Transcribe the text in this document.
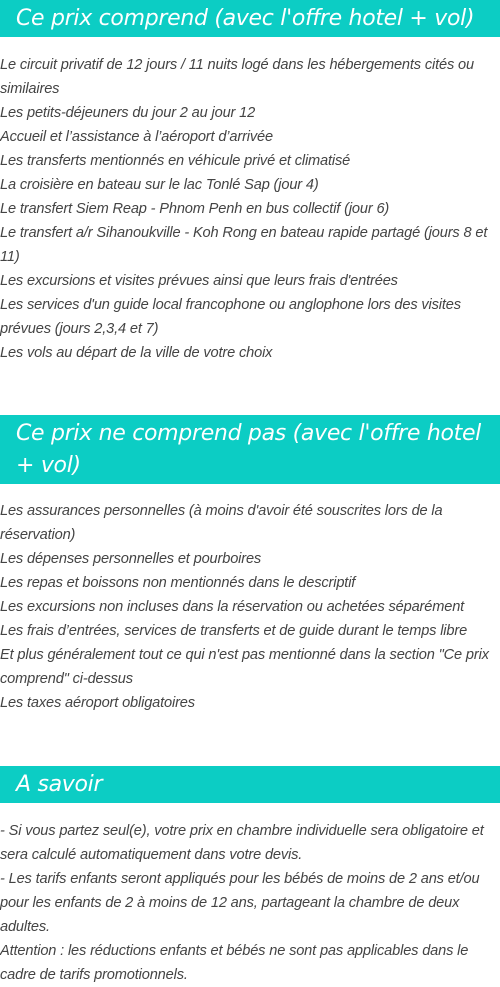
Ce prix comprend (avec l'offre hotel + vol)
Le circuit privatif de 12 jours / 11 nuits logé dans les hébergements cités ou similaires
Les petits-déjeuners du jour 2 au jour 12
Accueil et l’assistance à l’aéroport d’arrivée
Les transferts mentionnés en véhicule privé et climatisé
La croisière en bateau sur le lac Tonlé Sap (jour 4)
Le transfert Siem Reap - Phnom Penh en bus collectif (jour 6)
Le transfert a/r Sihanoukville - Koh Rong en bateau rapide partagé (jours 8 et 11)
Les excursions et visites prévues ainsi que leurs frais d'entrées
Les services d'un guide local francophone ou anglophone lors des visites prévues (jours 2,3,4 et 7)
Les vols au départ de la ville de votre choix
Ce prix ne comprend pas (avec l'offre hotel + vol)
Les assurances personnelles (à moins d'avoir été souscrites lors de la réservation)
Les dépenses personnelles et pourboires
Les repas et boissons non mentionnés dans le descriptif
Les excursions non incluses dans la réservation ou achetées séparément
Les frais d’entrées, services de transferts et de guide durant le temps libre
Et plus généralement tout ce qui n'est pas mentionné dans la section "Ce prix comprend" ci-dessus
Les taxes aéroport obligatoires
A savoir
- Si vous partez seul(e), votre prix en chambre individuelle sera obligatoire et sera calculé automatiquement dans votre devis.
- Les tarifs enfants seront appliqués pour les bébés de moins de 2 ans et/ou pour les enfants de 2 à moins de 12 ans, partageant la chambre de deux adultes.
Attention : les réductions enfants et bébés ne sont pas applicables dans le cadre de tarifs promotionnels.
